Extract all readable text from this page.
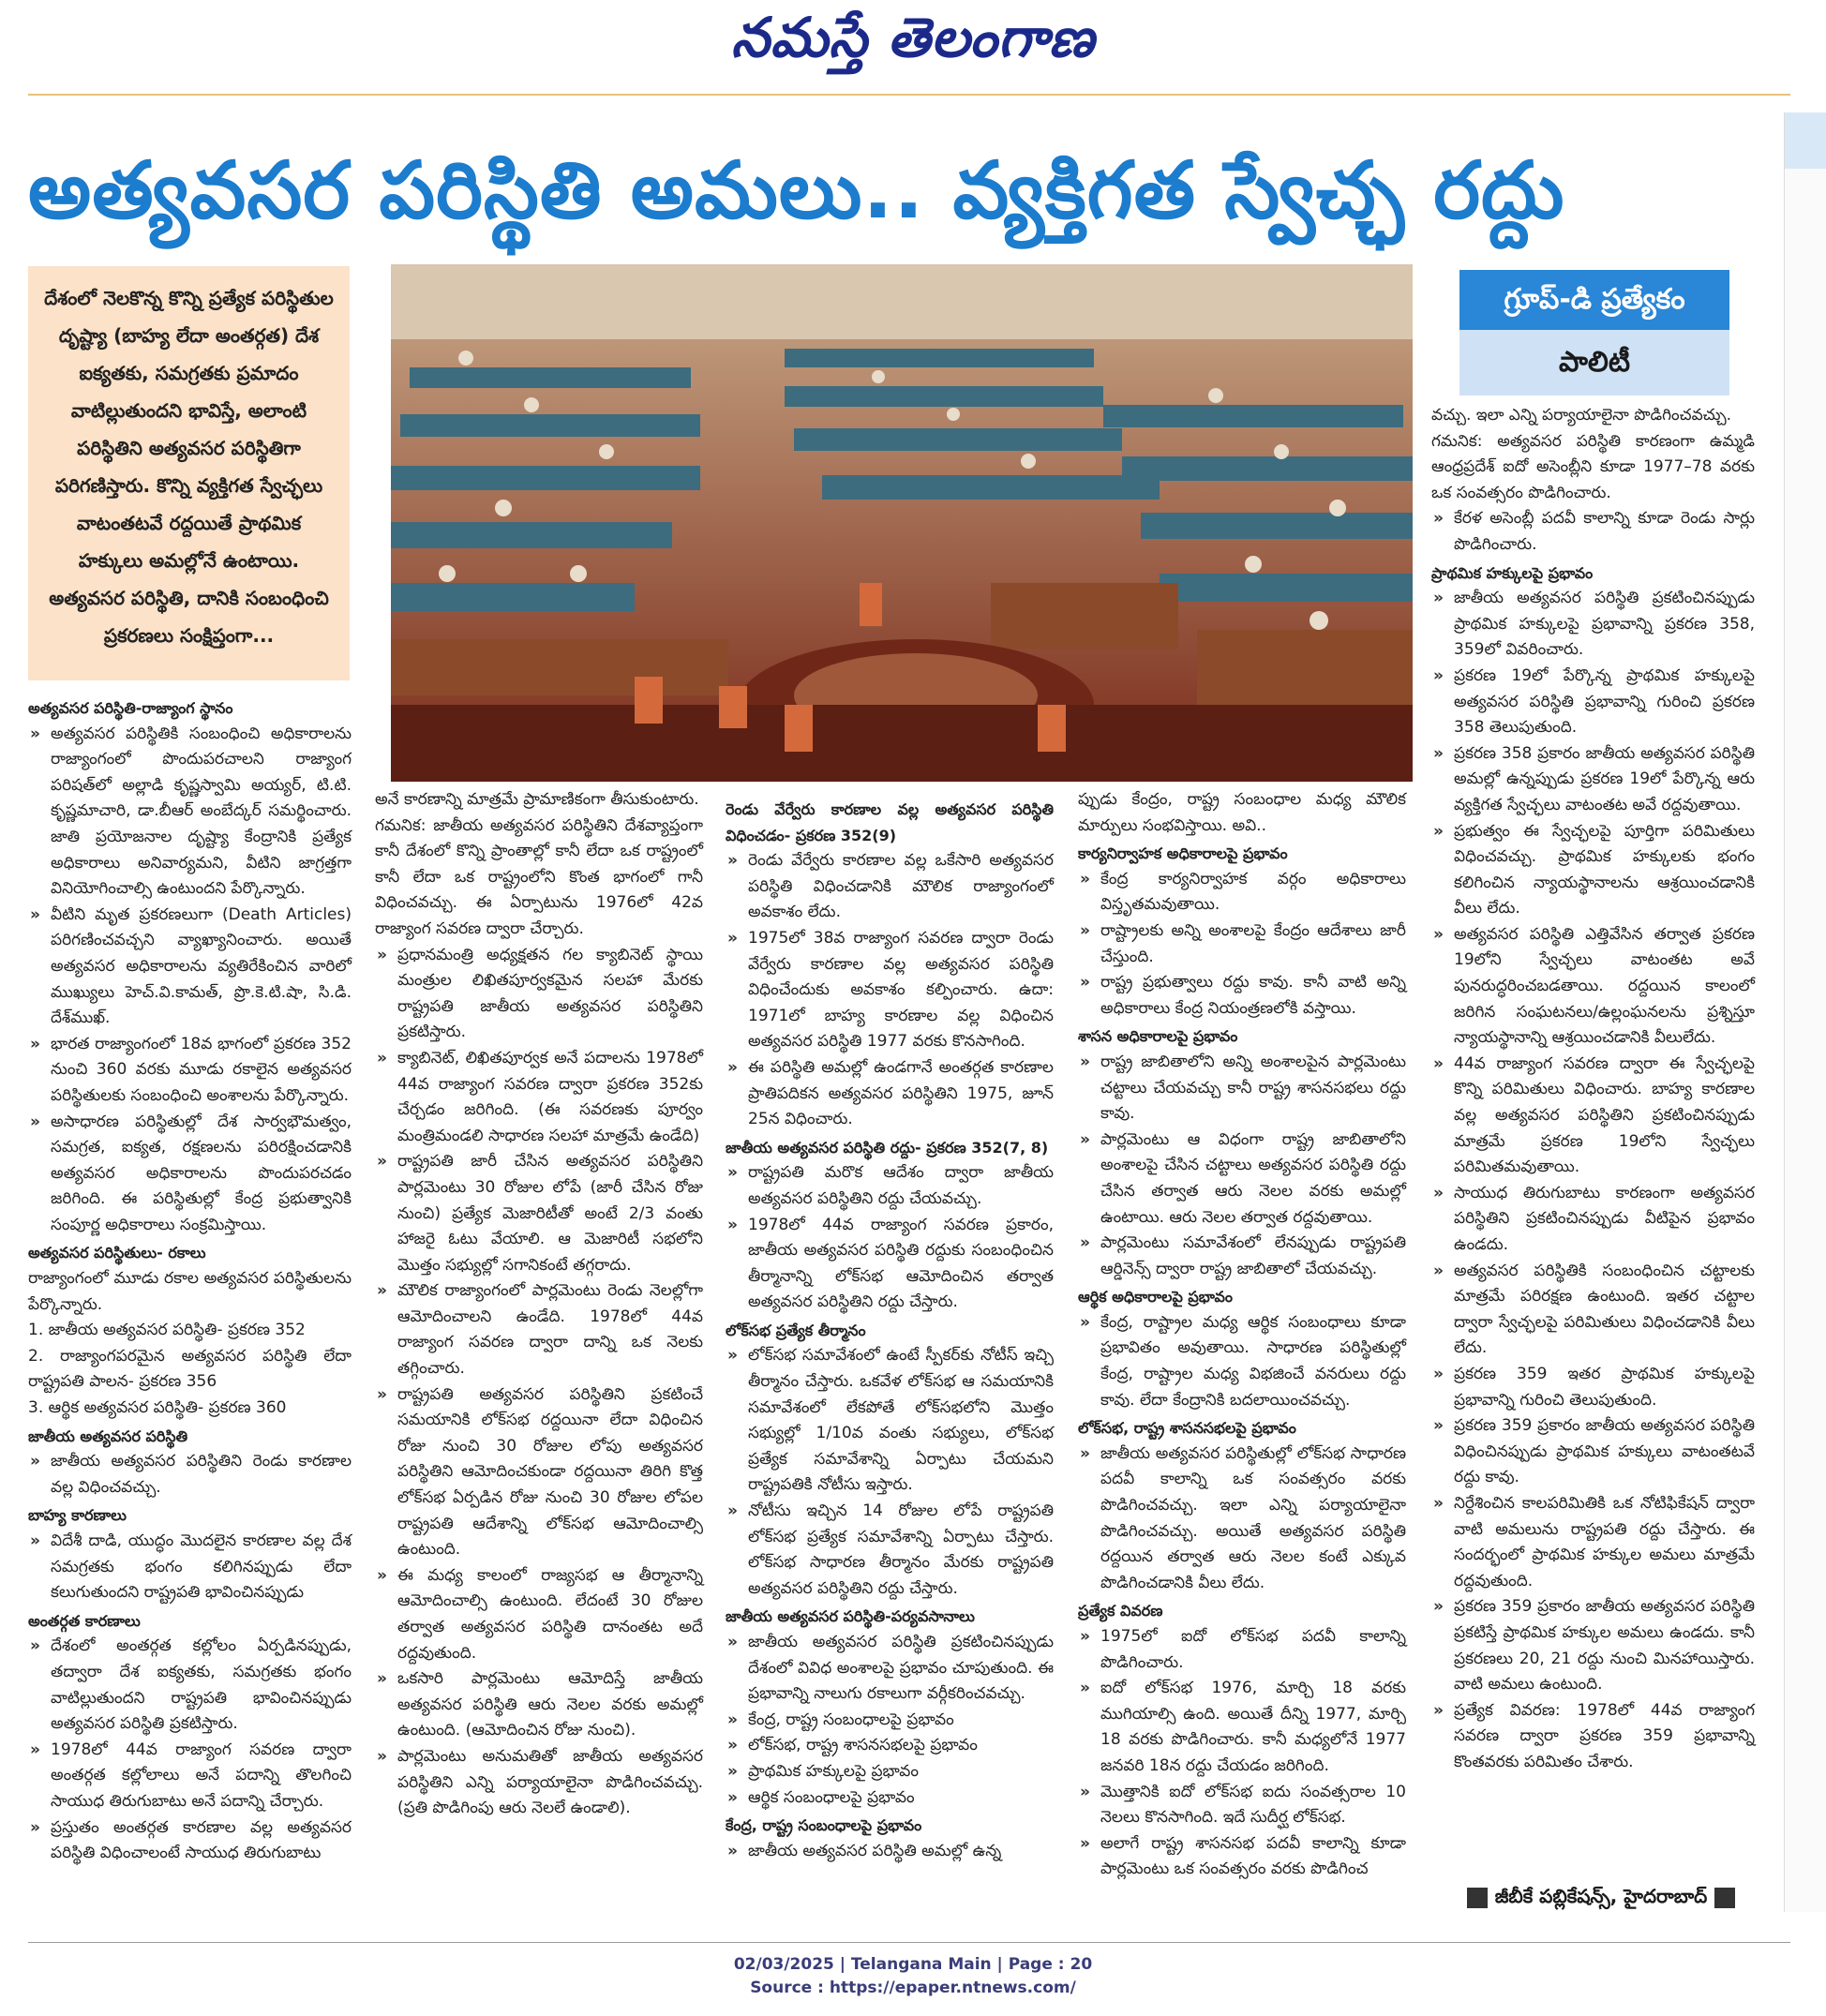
నమస్తే తెలంగాణ
అత్యవసర పరిస్థితి అమలు.. వ్యక్తిగత స్వేచ్ఛ రద్దు
దేశంలో నెలకొన్న కొన్ని ప్రత్యేక పరిస్థితుల దృష్ట్యా (బాహ్య లేదా అంతర్గత) దేశ ఐక్యతకు, సమగ్రతకు ప్రమాదం వాటిల్లుతుందని భావిస్తే, అలాంటి పరిస్థితిని అత్యవసర పరిస్థితిగా పరిగణిస్తారు. కొన్ని వ్యక్తిగత స్వేచ్ఛలు వాటంతటవే రద్దయితే ప్రాథమిక హక్కులు అమల్లోనే ఉంటాయి. అత్యవసర పరిస్థితి, దానికి సంబంధించి ప్రకరణలు సంక్షిప్తంగా...
గ్రూప్-డి ప్రత్యేకం
పాలిటీ

అత్యవసర పరిస్థితి-రాజ్యాంగ స్థానం

» అత్యవసర పరిస్థితికి సంబంధించి అధికారాలను రాజ్యాంగంలో పొందుపరచాలని రాజ్యాంగ పరిషత్‌లో అల్లాడి కృష్ణస్వామి అయ్యర్, టి.టి. కృష్ణమాచారి, డా.బీఆర్ అంబేద్కర్ సమర్థించారు. జాతి ప్రయోజనాల దృష్ట్యా కేంద్రానికి ప్రత్యేక అధికారాలు అనివార్యమని, వీటిని జాగ్రత్తగా వినియోగించాల్సి ఉంటుందని పేర్కొన్నారు.

» వీటిని మృత ప్రకరణలుగా (Death Articles) పరిగణించవచ్చని వ్యాఖ్యానించారు. అయితే అత్యవసర అధికారాలను వ్యతిరేకించిన వారిలో ముఖ్యులు హెచ్.వి.కామత్, ప్రొ.కె.టి.షా, సి.డి. దేశ్‌ముఖ్.

» భారత రాజ్యాంగంలో 18వ భాగంలో ప్రకరణ 352 నుంచి 360 వరకు మూడు రకాలైన అత్యవసర పరిస్థితులకు సంబంధించి అంశాలను పేర్కొన్నారు.

» అసాధారణ పరిస్థితుల్లో దేశ సార్వభౌమత్వం, సమగ్రత, ఐక్యత, రక్షణలను పరిరక్షించడానికి అత్యవసర అధికారాలను పొందుపరచడం జరిగింది. ఈ పరిస్థితుల్లో కేంద్ర ప్రభుత్వానికి సంపూర్ణ అధికారాలు సంక్రమిస్తాయి.

అత్యవసర పరిస్థితులు- రకాలు

రాజ్యాంగంలో మూడు రకాల అత్యవసర పరిస్థితులను పేర్కొన్నారు.

1. జాతీయ అత్యవసర పరిస్థితి- ప్రకరణ 352

2. రాజ్యాంగపరమైన అత్యవసర పరిస్థితి లేదా రాష్ట్రపతి పాలన- ప్రకరణ 356

3. ఆర్థిక అత్యవసర పరిస్థితి- ప్రకరణ 360

జాతీయ అత్యవసర పరిస్థితి

» జాతీయ అత్యవసర పరిస్థితిని రెండు కారణాల వల్ల విధించవచ్చు.

బాహ్య కారణాలు

» విదేశీ దాడి, యుద్ధం మొదలైన కారణాల వల్ల దేశ సమగ్రతకు భంగం కలిగినప్పుడు లేదా కలుగుతుందని రాష్ట్రపతి భావించినప్పుడు

అంతర్గత కారణాలు

» దేశంలో అంతర్గత కల్లోలం ఏర్పడినప్పుడు, తద్వారా దేశ ఐక్యతకు, సమగ్రతకు భంగం వాటిల్లుతుందని రాష్ట్రపతి భావించినప్పుడు అత్యవసర పరిస్థితి ప్రకటిస్తారు.

» 1978లో 44వ రాజ్యాంగ సవరణ ద్వారా అంతర్గత కల్లోలాలు అనే పదాన్ని తొలగించి సాయుధ తిరుగుబాటు అనే పదాన్ని చేర్చారు.

» ప్రస్తుతం అంతర్గత కారణాల వల్ల అత్యవసర పరిస్థితి విధించాలంటే సాయుధ తిరుగుబాటు

అనే కారణాన్ని మాత్రమే ప్రామాణికంగా తీసుకుంటారు.

గమనిక: జాతీయ అత్యవసర పరిస్థితిని దేశవ్యాప్తంగా కానీ దేశంలో కొన్ని ప్రాంతాల్లో కానీ లేదా ఒక రాష్ట్రంలో కానీ లేదా ఒక రాష్ట్రంలోని కొంత భాగంలో గానీ విధించవచ్చు. ఈ ఏర్పాటును 1976లో 42వ రాజ్యాంగ సవరణ ద్వారా చేర్చారు.

» ప్రధానమంత్రి అధ్యక్షతన గల క్యాబినెట్ స్థాయి మంత్రుల లిఖితపూర్వకమైన సలహా మేరకు రాష్ట్రపతి జాతీయ అత్యవసర పరిస్థితిని ప్రకటిస్తారు.

» క్యాబినెట్, లిఖితపూర్వక అనే పదాలను 1978లో 44వ రాజ్యాంగ సవరణ ద్వారా ప్రకరణ 352కు చేర్చడం జరిగింది. (ఈ సవరణకు పూర్వం మంత్రిమండలి సాధారణ సలహా మాత్రమే ఉండేది)

» రాష్ట్రపతి జారీ చేసిన అత్యవసర పరిస్థితిని పార్లమెంటు 30 రోజుల లోపే (జారీ చేసిన రోజు నుంచి) ప్రత్యేక మెజారిటీతో అంటే 2/3 వంతు హాజరై ఓటు వేయాలి. ఆ మెజారిటీ సభలోని మొత్తం సభ్యుల్లో సగానికంటే తగ్గరాదు.

» మౌలిక రాజ్యాంగంలో పార్లమెంటు రెండు నెలల్లోగా ఆమోదించాలని ఉండేది. 1978లో 44వ రాజ్యాంగ సవరణ ద్వారా దాన్ని ఒక నెలకు తగ్గించారు.

» రాష్ట్రపతి అత్యవసర పరిస్థితిని ప్రకటించే సమయానికి లోక్‌సభ రద్దయినా లేదా విధించిన రోజు నుంచి 30 రోజుల లోపు అత్యవసర పరిస్థితిని ఆమోదించకుండా రద్దయినా తిరిగి కొత్త లోక్‌సభ ఏర్పడిన రోజు నుంచి 30 రోజుల లోపల రాష్ట్రపతి ఆదేశాన్ని లోక్‌సభ ఆమోదించాల్సి ఉంటుంది.

» ఈ మధ్య కాలంలో రాజ్యసభ ఆ తీర్మానాన్ని ఆమోదించాల్సి ఉంటుంది. లేదంటే 30 రోజుల తర్వాత అత్యవసర పరిస్థితి దానంతట అదే రద్దవుతుంది.

» ఒకసారి పార్లమెంటు ఆమోదిస్తే జాతీయ అత్యవసర పరిస్థితి ఆరు నెలల వరకు అమల్లో ఉంటుంది. (ఆమోదించిన రోజు నుంచి).

» పార్లమెంటు అనుమతితో జాతీయ అత్యవసర పరిస్థితిని ఎన్ని పర్యాయాలైనా పొడిగించవచ్చు. (ప్రతి పొడిగింపు ఆరు నెలలే ఉండాలి).

రెండు వేర్వేరు కారణాల వల్ల అత్యవసర పరిస్థితి విధించడం- ప్రకరణ 352(9)

» రెండు వేర్వేరు కారణాల వల్ల ఒకేసారి అత్యవసర పరిస్థితి విధించడానికి మౌలిక రాజ్యాంగంలో అవకాశం లేదు.

» 1975లో 38వ రాజ్యాంగ సవరణ ద్వారా రెండు వేర్వేరు కారణాల వల్ల అత్యవసర పరిస్థితి విధించేందుకు అవకాశం కల్పించారు. ఉదా: 1971లో బాహ్య కారణాల వల్ల విధించిన అత్యవసర పరిస్థితి 1977 వరకు కొనసాగింది.

» ఈ పరిస్థితి అమల్లో ఉండగానే అంతర్గత కారణాల ప్రాతిపదికన అత్యవసర పరిస్థితిని 1975, జూన్ 25న విధించారు.

జాతీయ అత్యవసర పరిస్థితి రద్దు- ప్రకరణ 352(7, 8)

» రాష్ట్రపతి మరొక ఆదేశం ద్వారా జాతీయ అత్యవసర పరిస్థితిని రద్దు చేయవచ్చు.

» 1978లో 44వ రాజ్యాంగ సవరణ ప్రకారం, జాతీయ అత్యవసర పరిస్థితి రద్దుకు సంబంధించిన తీర్మానాన్ని లోక్‌సభ ఆమోదించిన తర్వాత అత్యవసర పరిస్థితిని రద్దు చేస్తారు.

లోక్‌సభ ప్రత్యేక తీర్మానం

» లోక్‌సభ సమావేశంలో ఉంటే స్పీకర్‌కు నోటీస్ ఇచ్చి తీర్మానం చేస్తారు. ఒకవేళ లోక్‌సభ ఆ సమయానికి సమావేశంలో లేకపోతే లోక్‌సభలోని మొత్తం సభ్యుల్లో 1/10వ వంతు సభ్యులు, లోక్‌సభ ప్రత్యేక సమావేశాన్ని ఏర్పాటు చేయమని రాష్ట్రపతికి నోటీసు ఇస్తారు.

» నోటీసు ఇచ్చిన 14 రోజుల లోపే రాష్ట్రపతి లోక్‌సభ ప్రత్యేక సమావేశాన్ని ఏర్పాటు చేస్తారు. లోక్‌సభ సాధారణ తీర్మానం మేరకు రాష్ట్రపతి అత్యవసర పరిస్థితిని రద్దు చేస్తారు.

జాతీయ అత్యవసర పరిస్థితి-పర్యవసానాలు

» జాతీయ అత్యవసర పరిస్థితి ప్రకటించినప్పుడు దేశంలో వివిధ అంశాలపై ప్రభావం చూపుతుంది. ఈ ప్రభావాన్ని నాలుగు రకాలుగా వర్గీకరించవచ్చు.

» కేంద్ర, రాష్ట్ర సంబంధాలపై ప్రభావం

» లోక్‌సభ, రాష్ట్ర శాసనసభలపై ప్రభావం

» ప్రాథమిక హక్కులపై ప్రభావం

» ఆర్థిక సంబంధాలపై ప్రభావం

కేంద్ర, రాష్ట్ర సంబంధాలపై ప్రభావం

» జాతీయ అత్యవసర పరిస్థితి అమల్లో ఉన్న

ప్పుడు కేంద్రం, రాష్ట్ర సంబంధాల మధ్య మౌలిక మార్పులు సంభవిస్తాయి. అవి..

కార్యనిర్వాహక అధికారాలపై ప్రభావం

» కేంద్ర కార్యనిర్వాహక వర్గం అధికారాలు విస్తృతమవుతాయి.

» రాష్ట్రాలకు అన్ని అంశాలపై కేంద్రం ఆదేశాలు జారీ చేస్తుంది.

» రాష్ట్ర ప్రభుత్వాలు రద్దు కావు. కానీ వాటి అన్ని అధికారాలు కేంద్ర నియంత్రణలోకి వస్తాయి.

శాసన అధికారాలపై ప్రభావం

» రాష్ట్ర జాబితాలోని అన్ని అంశాలపైన పార్లమెంటు చట్టాలు చేయవచ్చు కానీ రాష్ట్ర శాసనసభలు రద్దు కావు.

» పార్లమెంటు ఆ విధంగా రాష్ట్ర జాబితాలోని అంశాలపై చేసిన చట్టాలు అత్యవసర పరిస్థితి రద్దు చేసిన తర్వాత ఆరు నెలల వరకు అమల్లో ఉంటాయి. ఆరు నెలల తర్వాత రద్దవుతాయి.

» పార్లమెంటు సమావేశంలో లేనప్పుడు రాష్ట్రపతి ఆర్డినెన్స్ ద్వారా రాష్ట్ర జాబితాలో చేయవచ్చు.

ఆర్థిక అధికారాలపై ప్రభావం

» కేంద్ర, రాష్ట్రాల మధ్య ఆర్థిక సంబంధాలు కూడా ప్రభావితం అవుతాయి. సాధారణ పరిస్థితుల్లో కేంద్ర, రాష్ట్రాల మధ్య విభజించే వనరులు రద్దు కావు. లేదా కేంద్రానికి బదలాయించవచ్చు.

లోక్‌సభ, రాష్ట్ర శాసనసభలపై ప్రభావం

» జాతీయ అత్యవసర పరిస్థితుల్లో లోక్‌సభ సాధారణ పదవీ కాలాన్ని ఒక సంవత్సరం వరకు పొడిగించవచ్చు. ఇలా ఎన్ని పర్యాయాలైనా పొడిగించవచ్చు. అయితే అత్యవసర పరిస్థితి రద్దయిన తర్వాత ఆరు నెలల కంటే ఎక్కువ పొడిగించడానికి వీలు లేదు.

ప్రత్యేక వివరణ

» 1975లో ఐదో లోక్‌సభ పదవీ కాలాన్ని పొడిగించారు.

» ఐదో లోక్‌సభ 1976, మార్చి 18 వరకు ముగియాల్సి ఉంది. అయితే దీన్ని 1977, మార్చి 18 వరకు పొడిగించారు. కానీ మధ్యలోనే 1977 జనవరి 18న రద్దు చేయడం జరిగింది.

» మొత్తానికి ఐదో లోక్‌సభ ఐదు సంవత్సరాల 10 నెలలు కొనసాగింది. ఇదే సుదీర్ఘ లోక్‌సభ.

» అలాగే రాష్ట్ర శాసనసభ పదవీ కాలాన్ని కూడా పార్లమెంటు ఒక సంవత్సరం వరకు పొడిగించ

వచ్చు. ఇలా ఎన్ని పర్యాయాలైనా పొడిగించవచ్చు.

గమనిక: అత్యవసర పరిస్థితి కారణంగా ఉమ్మడి ఆంధ్రప్రదేశ్ ఐదో అసెంబ్లీని కూడా 1977–78 వరకు ఒక సంవత్సరం పొడిగించారు.

» కేరళ అసెంబ్లీ పదవీ కాలాన్ని కూడా రెండు సార్లు పొడిగించారు.

ప్రాథమిక హక్కులపై ప్రభావం

» జాతీయ అత్యవసర పరిస్థితి ప్రకటించినప్పుడు ప్రాథమిక హక్కులపై ప్రభావాన్ని ప్రకరణ 358, 359లో వివరించారు.

» ప్రకరణ 19లో పేర్కొన్న ప్రాథమిక హక్కులపై అత్యవసర పరిస్థితి ప్రభావాన్ని గురించి ప్రకరణ 358 తెలుపుతుంది.

» ప్రకరణ 358 ప్రకారం జాతీయ అత్యవసర పరిస్థితి అమల్లో ఉన్నప్పుడు ప్రకరణ 19లో పేర్కొన్న ఆరు వ్యక్తిగత స్వేచ్ఛలు వాటంతట అవే రద్దవుతాయి.

» ప్రభుత్వం ఈ స్వేచ్ఛలపై పూర్తిగా పరిమితులు విధించవచ్చు. ప్రాథమిక హక్కులకు భంగం కలిగించిన న్యాయస్థానాలను ఆశ్రయించడానికి వీలు లేదు.

» అత్యవసర పరిస్థితి ఎత్తివేసిన తర్వాత ప్రకరణ 19లోని స్వేచ్ఛలు వాటంతట అవే పునరుద్ధరించబడతాయి. రద్దయిన కాలంలో జరిగిన సంఘటనలు/ఉల్లంఘనలను ప్రశ్నిస్తూ న్యాయస్థానాన్ని ఆశ్రయించడానికి వీలులేదు.

» 44వ రాజ్యాంగ సవరణ ద్వారా ఈ స్వేచ్ఛలపై కొన్ని పరిమితులు విధించారు. బాహ్య కారణాల వల్ల అత్యవసర పరిస్థితిని ప్రకటించినప్పుడు మాత్రమే ప్రకరణ 19లోని స్వేచ్ఛలు పరిమితమవుతాయి.

» సాయుధ తిరుగుబాటు కారణంగా అత్యవసర పరిస్థితిని ప్రకటించినప్పుడు వీటిపైన ప్రభావం ఉండదు.

» అత్యవసర పరిస్థితికి సంబంధించిన చట్టాలకు మాత్రమే పరిరక్షణ ఉంటుంది. ఇతర చట్టాల ద్వారా స్వేచ్ఛలపై పరిమితులు విధించడానికి వీలు లేదు.

» ప్రకరణ 359 ఇతర ప్రాథమిక హక్కులపై ప్రభావాన్ని గురించి తెలుపుతుంది.

» ప్రకరణ 359 ప్రకారం జాతీయ అత్యవసర పరిస్థితి విధించినప్పుడు ప్రాథమిక హక్కులు వాటంతటవే రద్దు కావు.

» నిర్దేశించిన కాలపరిమితికి ఒక నోటిఫికేషన్ ద్వారా వాటి అమలును రాష్ట్రపతి రద్దు చేస్తారు. ఈ సందర్భంలో ప్రాథమిక హక్కుల అమలు మాత్రమే రద్దవుతుంది.

» ప్రకరణ 359 ప్రకారం జాతీయ అత్యవసర పరిస్థితి ప్రకటిస్తే ప్రాథమిక హక్కుల అమలు ఉండదు. కానీ ప్రకరణలు 20, 21 రద్దు నుంచి మినహాయిస్తారు. వాటి అమలు ఉంటుంది.

» ప్రత్యేక వివరణ: 1978లో 44వ రాజ్యాంగ సవరణ ద్వారా ప్రకరణ 359 ప్రభావాన్ని కొంతవరకు పరిమితం చేశారు.

జీబీకే పబ్లికేషన్స్, హైదరాబాద్
02/03/2025 | Telangana Main | Page : 20
Source : https://epaper.ntnews.com/
